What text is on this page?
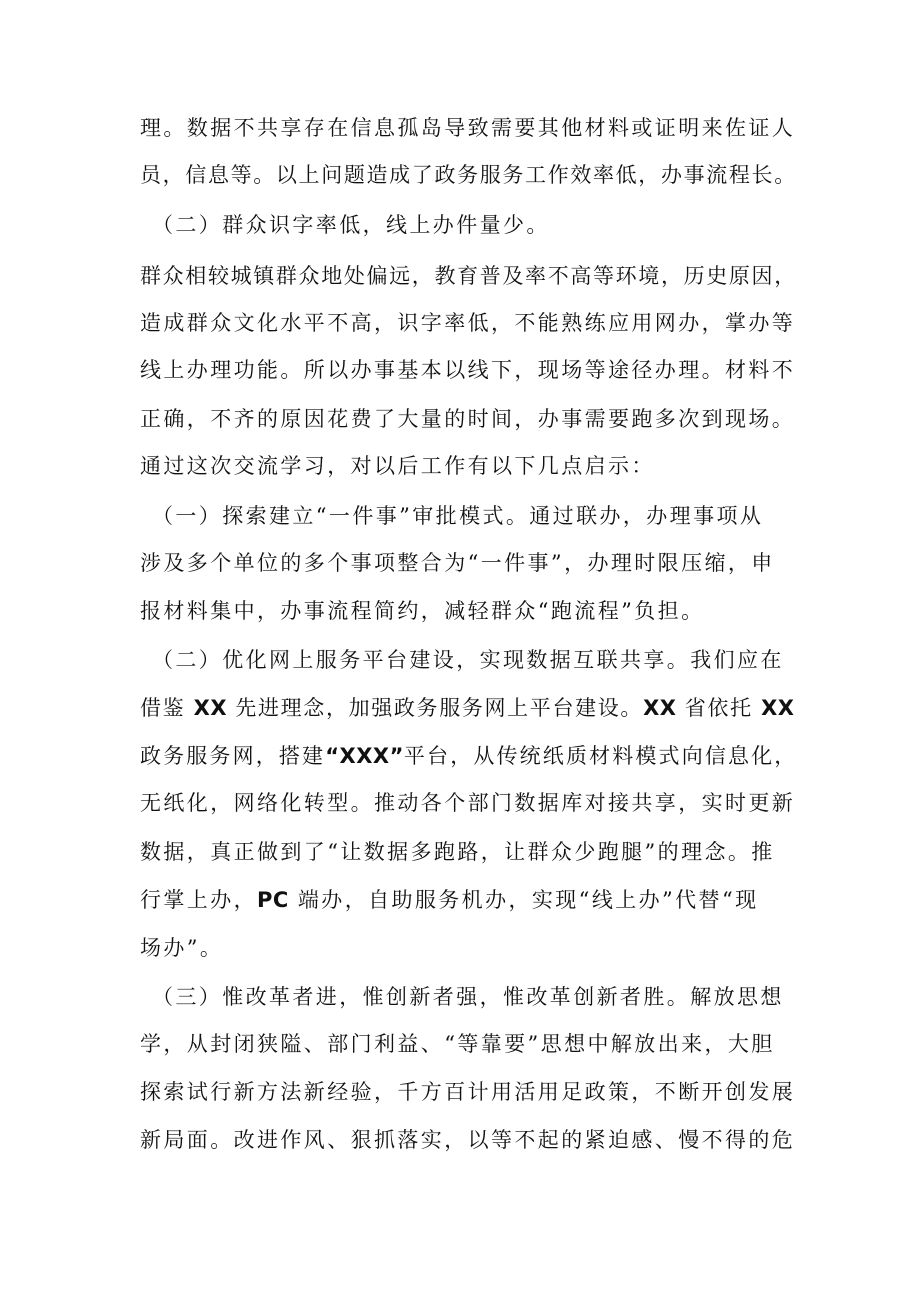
理。数据不共享存在信息孤岛导致需要其他材料或证明来佐证人
员，信息等。以上问题造成了政务服务工作效率低，办事流程长。
（二）群众识字率低，线上办件量少。
群众相较城镇群众地处偏远，教育普及率不高等环境，历史原因，
造成群众文化水平不高，识字率低，不能熟练应用网办，掌办等
线上办理功能。所以办事基本以线下，现场等途径办理。材料不
正确，不齐的原因花费了大量的时间，办事需要跑多次到现场。
通过这次交流学习，对以后工作有以下几点启示：
（一）探索建立“一件事”审批模式。通过联办，办理事项从
涉及多个单位的多个事项整合为“一件事”，办理时限压缩，申
报材料集中，办事流程简约，减轻群众“跑流程”负担。
（二）优化网上服务平台建设，实现数据互联共享。我们应在
借鉴 XX 先进理念，加强政务服务网上平台建设。XX 省依托 XX
政务服务网，搭建“XXX”平台，从传统纸质材料模式向信息化，
无纸化，网络化转型。推动各个部门数据库对接共享，实时更新
数据，真正做到了“让数据多跑路，让群众少跑腿”的理念。推
行掌上办，PC 端办，自助服务机办，实现“线上办”代替“现
场办”。
（三）惟改革者进，惟创新者强，惟改革创新者胜。解放思想
学，从封闭狭隘、部门利益、“等靠要”思想中解放出来，大胆
探索试行新方法新经验，千方百计用活用足政策，不断开创发展
新局面。改进作风、狠抓落实，以等不起的紧迫感、慢不得的危
